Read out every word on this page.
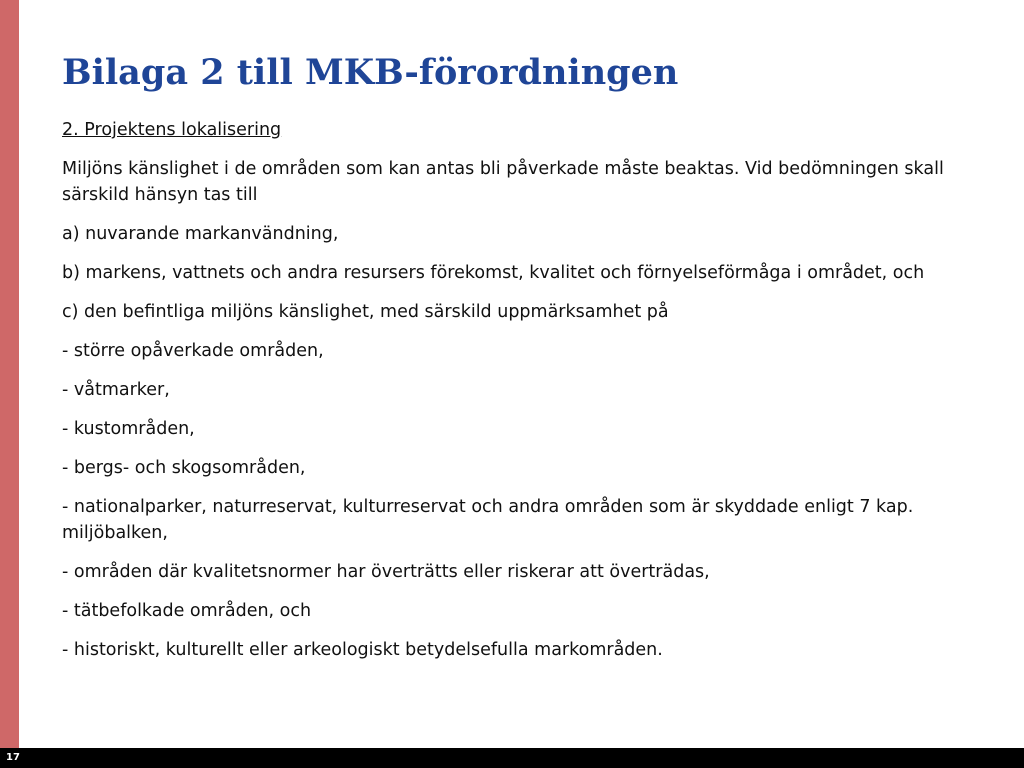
Bilaga 2 till MKB-förordningen

2. Projektens lokalisering

Miljöns känslighet i de områden som kan antas bli påverkade måste beaktas. Vid bedömningen skall särskild hänsyn tas till

a) nuvarande markanvändning,

b) markens, vattnets och andra resursers förekomst, kvalitet och förnyelseförmåga i området, och

c) den befintliga miljöns känslighet, med särskild uppmärksamhet på

- större opåverkade områden,

- våtmarker,

- kustområden,

- bergs- och skogsområden,

- nationalparker, naturreservat, kulturreservat och andra områden som är skyddade enligt 7 kap. miljöbalken,

- områden där kvalitetsnormer har överträtts eller riskerar att överträdas,

- tätbefolkade områden, och

- historiskt, kulturellt eller arkeologiskt betydelsefulla markområden.

17
